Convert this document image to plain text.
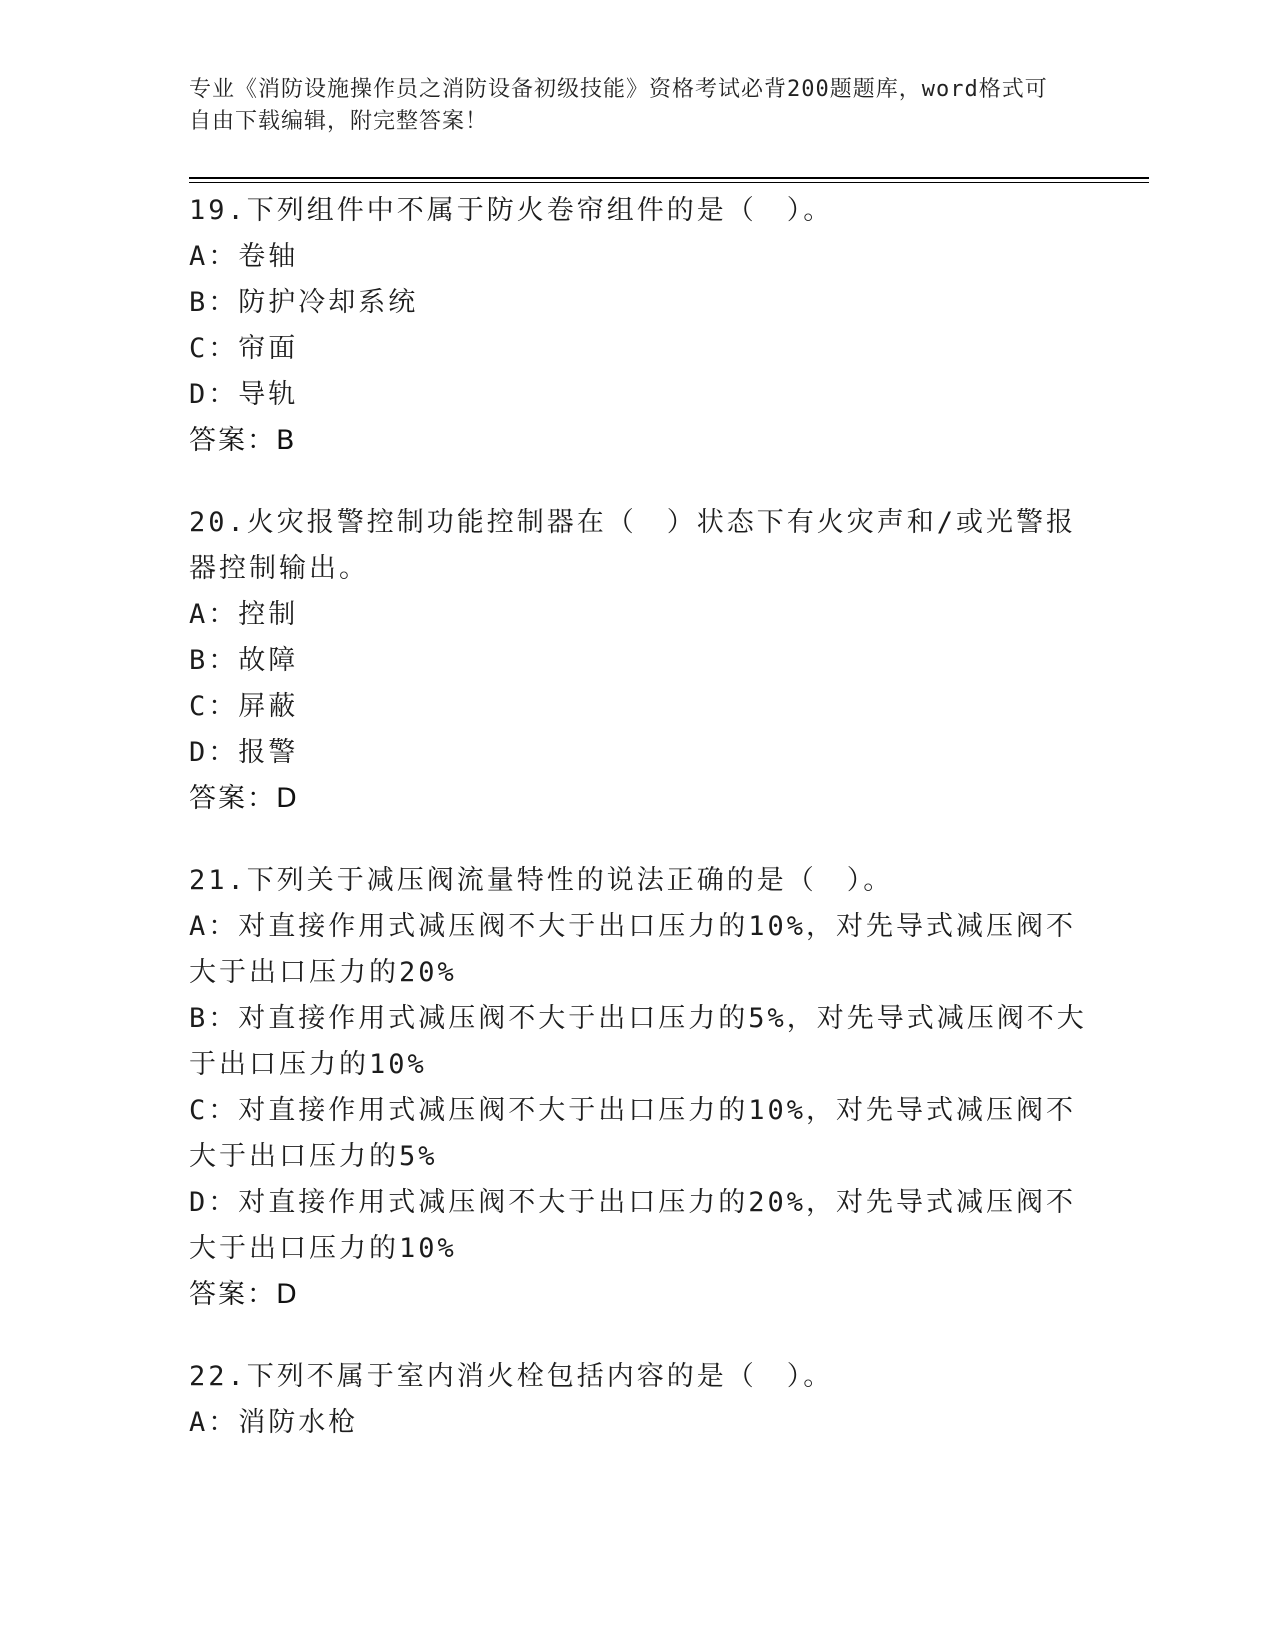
专业《消防设施操作员之消防设备初级技能》资格考试必背200题题库，word格式可自由下载编辑，附完整答案！
19.下列组件中不属于防火卷帘组件的是（　）。
A：卷轴
B：防护冷却系统
C：帘面
D：导轨
答案：B
20.火灾报警控制功能控制器在（　）状态下有火灾声和/或光警报器控制输出。
A：控制
B：故障
C：屏蔽
D：报警
答案：D
21.下列关于减压阀流量特性的说法正确的是（　）。
A：对直接作用式减压阀不大于出口压力的10%，对先导式减压阀不大于出口压力的20%
B：对直接作用式减压阀不大于出口压力的5%，对先导式减压阀不大于出口压力的10%
C：对直接作用式减压阀不大于出口压力的10%，对先导式减压阀不大于出口压力的5%
D：对直接作用式减压阀不大于出口压力的20%，对先导式减压阀不大于出口压力的10%
答案：D
22.下列不属于室内消火栓包括内容的是（　）。
A：消防水枪
